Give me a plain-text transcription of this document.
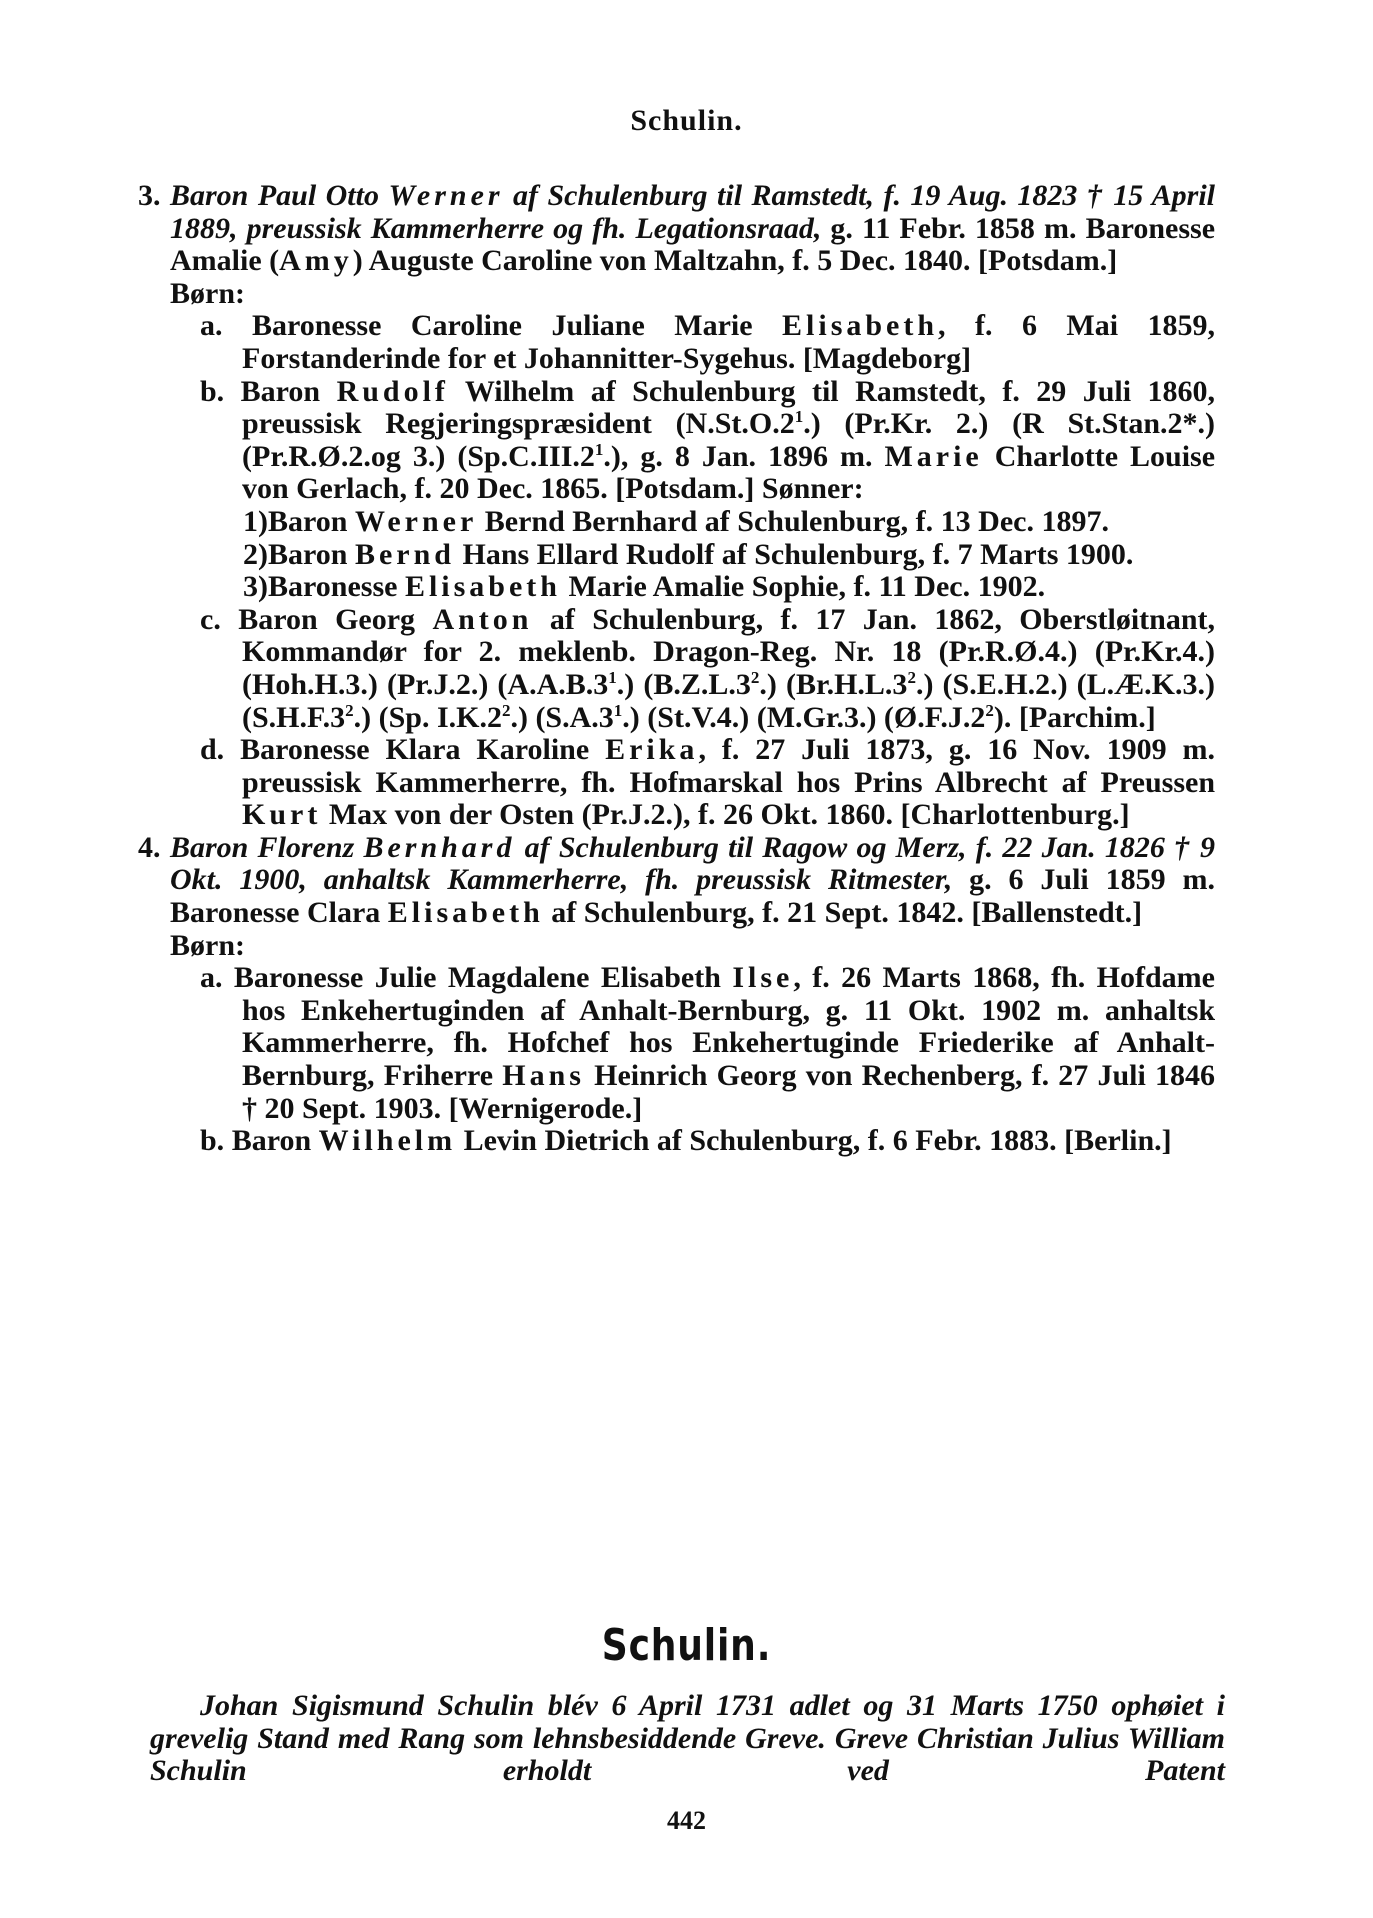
Schulin.
3. Baron Paul Otto Werner af Schulenburg til Ramstedt, f. 19 Aug. 1823 † 15 April 1889, preussisk Kammerherre og fh. Legationsraad, g. 11 Febr. 1858 m. Baronesse Amalie (Amy) Auguste Caroline von Maltzahn, f. 5 Dec. 1840. [Potsdam.]
Børn:
a. Baronesse Caroline Juliane Marie Elisabeth, f. 6 Mai 1859, Forstanderinde for et Johannitter-Sygehus. [Magdeborg]
b. Baron Rudolf Wilhelm af Schulenburg til Ramstedt, f. 29 Juli 1860, preussisk Regjeringspræsident $(N.St.O.2^1.)$ (Pr.Kr. 2.) (R St.Stan.2*.) (Pr.R.Ø.2.og 3.) $(Sp.C.III.2^1.)$, g. 8 Jan. 1896 m. Marie Charlotte Louise von Gerlach, f. 20 Dec. 1865. [Potsdam.] Sønner:
1)Baron Werner Bernd Bernhard af Schulenburg, f. 13 Dec. 1897.
2)Baron Bernd Hans Ellard Rudolf af Schulenburg, f. 7 Marts 1900.
3)Baronesse Elisabeth Marie Amalie Sophie, f. 11 Dec. 1902.
c. Baron Georg Anton af Schulenburg, f. 17 Jan. 1862, Oberstløitnant, Kommandør for 2. meklenb. Dragon-Reg. Nr. 18 (Pr.R.Ø.4.) (Pr.Kr.4.) (Hoh.H.3.) (Pr.J.2.) $(A.A.B.3^1.)$ $(B.Z.L.3^2.)$ $(Br.H.L.3^2.)$ (S.E.H.2.) (L.Æ.K.3.) $(S.H.F.3^2.)$ (Sp. $I.K.2^2$.) $(S.A.3^1.)$ (St.V.4.) (M.Gr.3.) $(Ø.F.J.2^2)$. [Parchim.]
d. Baronesse Klara Karoline Erika, f. 27 Juli 1873, g. 16 Nov. 1909 m. preussisk Kammerherre, fh. Hofmarskal hos Prins Albrecht af Preussen Kurt Max von der Osten (Pr.J.2.), f. 26 Okt. 1860. [Charlottenburg.]
4. Baron Florenz Bernhard af Schulenburg til Ragow og Merz, f. 22 Jan. 1826 † 9 Okt. 1900, anhaltsk Kammerherre, fh. preussisk Ritmester, g. 6 Juli 1859 m. Baronesse Clara Elisabeth af Schulenburg, f. 21 Sept. 1842. [Ballenstedt.]
Børn:
a. Baronesse Julie Magdalene Elisabeth Ilse, f. 26 Marts 1868, fh. Hofdame hos Enkehertuginden af Anhalt-Bernburg, g. 11 Okt. 1902 m. anhaltsk Kammerherre, fh. Hofchef hos Enkehertuginde Friederike af Anhalt-Bernburg, Friherre Hans Heinrich Georg von Rechenberg, f. 27 Juli 1846 † 20 Sept. 1903. [Wernigerode.]
b. Baron Wilhelm Levin Dietrich af Schulenburg, f. 6 Febr. 1883. [Berlin.]
Schulin.
Johan Sigismund Schulin blév 6 April 1731 adlet og 31 Marts 1750 ophøiet i grevelig Stand med Rang som lehnsbesiddende Greve. Greve Christian Julius William Schulin erholdt ved Patent
442
